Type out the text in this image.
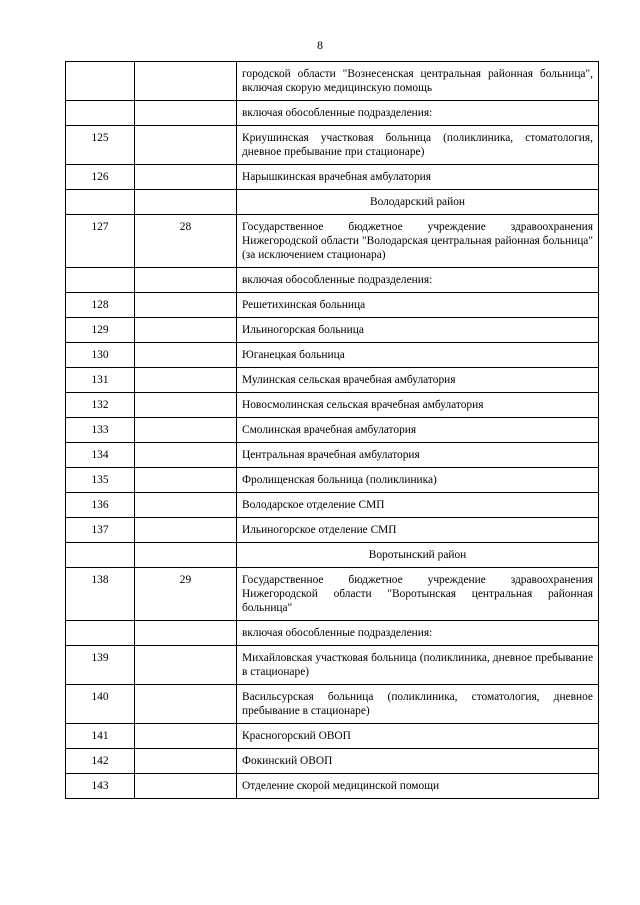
8
		городской области "Вознесенская центральная районная больница", включая скорую медицинскую помощь
		включая обособленные подразделения:
125		Криушинская участковая больница (поликлиника, стоматология, дневное пребывание при стационаре)
126		Нарышкинская врачебная амбулатория
		Володарский район
127	28	Государственное бюджетное учреждение здравоохранения Нижегородской области "Володарская центральная районная больница" (за исключением стационара)
		включая обособленные подразделения:
128		Решетихинская больница
129		Ильиногорская больница
130		Юганецкая больница
131		Мулинская сельская врачебная амбулатория
132		Новосмолинская сельская врачебная амбулатория
133		Смолинская врачебная амбулатория
134		Центральная врачебная амбулатория
135		Фролищенская больница (поликлиника)
136		Володарское отделение СМП
137		Ильиногорское отделение СМП
		Воротынский район
138	29	Государственное бюджетное учреждение здравоохранения Нижегородской области "Воротынская центральная районная больница"
		включая обособленные подразделения:
139		Михайловская участковая больница (поликлиника, дневное пребывание в стационаре)
140		Васильсурская больница (поликлиника, стоматология, дневное пребывание в стационаре)
141		Красногорский ОВОП
142		Фокинский ОВОП
143		Отделение скорой медицинской помощи
